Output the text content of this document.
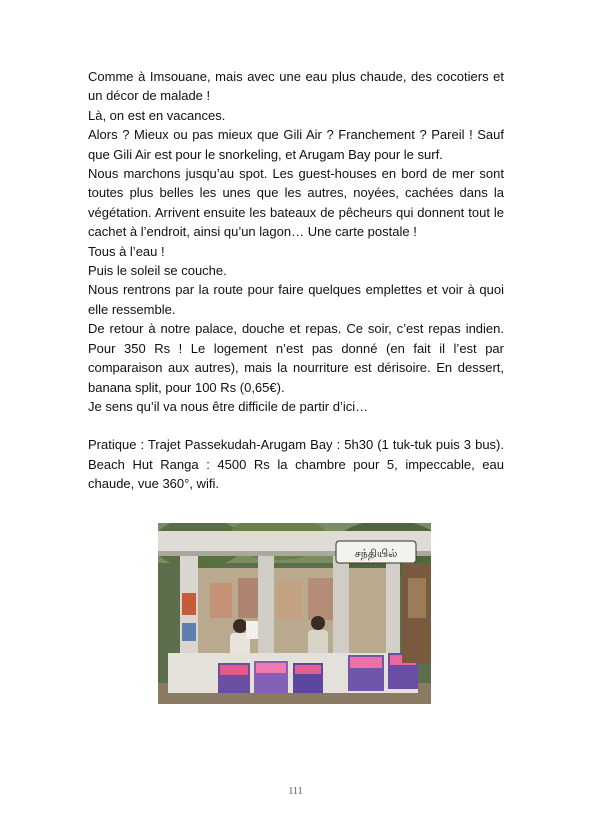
Comme à Imsouane, mais avec une eau plus chaude, des cocotiers et un décor de malade !

Là, on est en vacances.

Alors ? Mieux ou pas mieux que Gili Air ? Franchement ? Pareil ! Sauf que Gili Air est pour le snorkeling, et Arugam Bay pour le surf.

Nous marchons jusqu’au spot. Les guest-houses en bord de mer sont toutes plus belles les unes que les autres, noyées, cachées dans la végétation. Arrivent ensuite les bateaux de pêcheurs qui donnent tout le cachet à l’endroit, ainsi qu’un lagon… Une carte postale !

Tous à l’eau !

Puis le soleil se couche.

Nous rentrons par la route pour faire quelques emplettes et voir à quoi elle ressemble.

De retour à notre palace, douche et repas. Ce soir, c’est repas indien. Pour 350 Rs ! Le logement n’est pas donné (en fait il l’est par comparaison aux autres), mais la nourriture est dérisoire. En dessert, banana split, pour 100 Rs (0,65€).

Je sens qu’il va nous être difficile de partir d’ici…

Pratique : Trajet Passekudah-Arugam Bay : 5h30 (1 tuk-tuk puis 3 bus). Beach Hut Ranga : 4500 Rs la chambre pour 5, impeccable, eau chaude, vue 360°, wifi.

சந்தியில்
111
